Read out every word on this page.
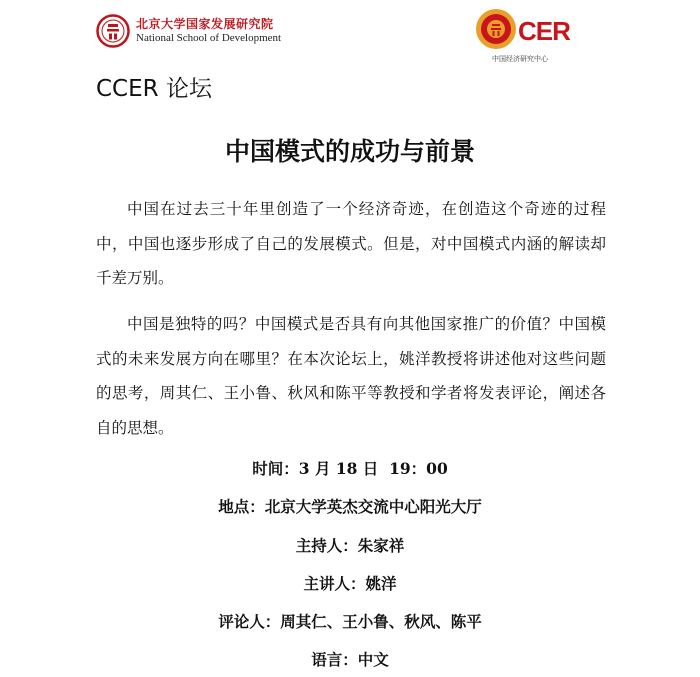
北京大学国家发展研究院
National School of Development	CER
中国经济研究中心
CCER 论坛
中国模式的成功与前景
中国在过去三十年里创造了一个经济奇迹，在创造这个奇迹的过程中，中国也逐步形成了自己的发展模式。但是，对中国模式内涵的解读却千差万别。
中国是独特的吗？中国模式是否具有向其他国家推广的价值？中国模式的未来发展方向在哪里？在本次论坛上，姚洋教授将讲述他对这些问题的思考，周其仁、王小鲁、秋风和陈平等教授和学者将发表评论，阐述各自的思想。
时间：3 月 18 日  19：00
地点：北京大学英杰交流中心阳光大厅
主持人：朱家祥
主讲人：姚洋
评论人：周其仁、王小鲁、秋风、陈平
语言：中文
